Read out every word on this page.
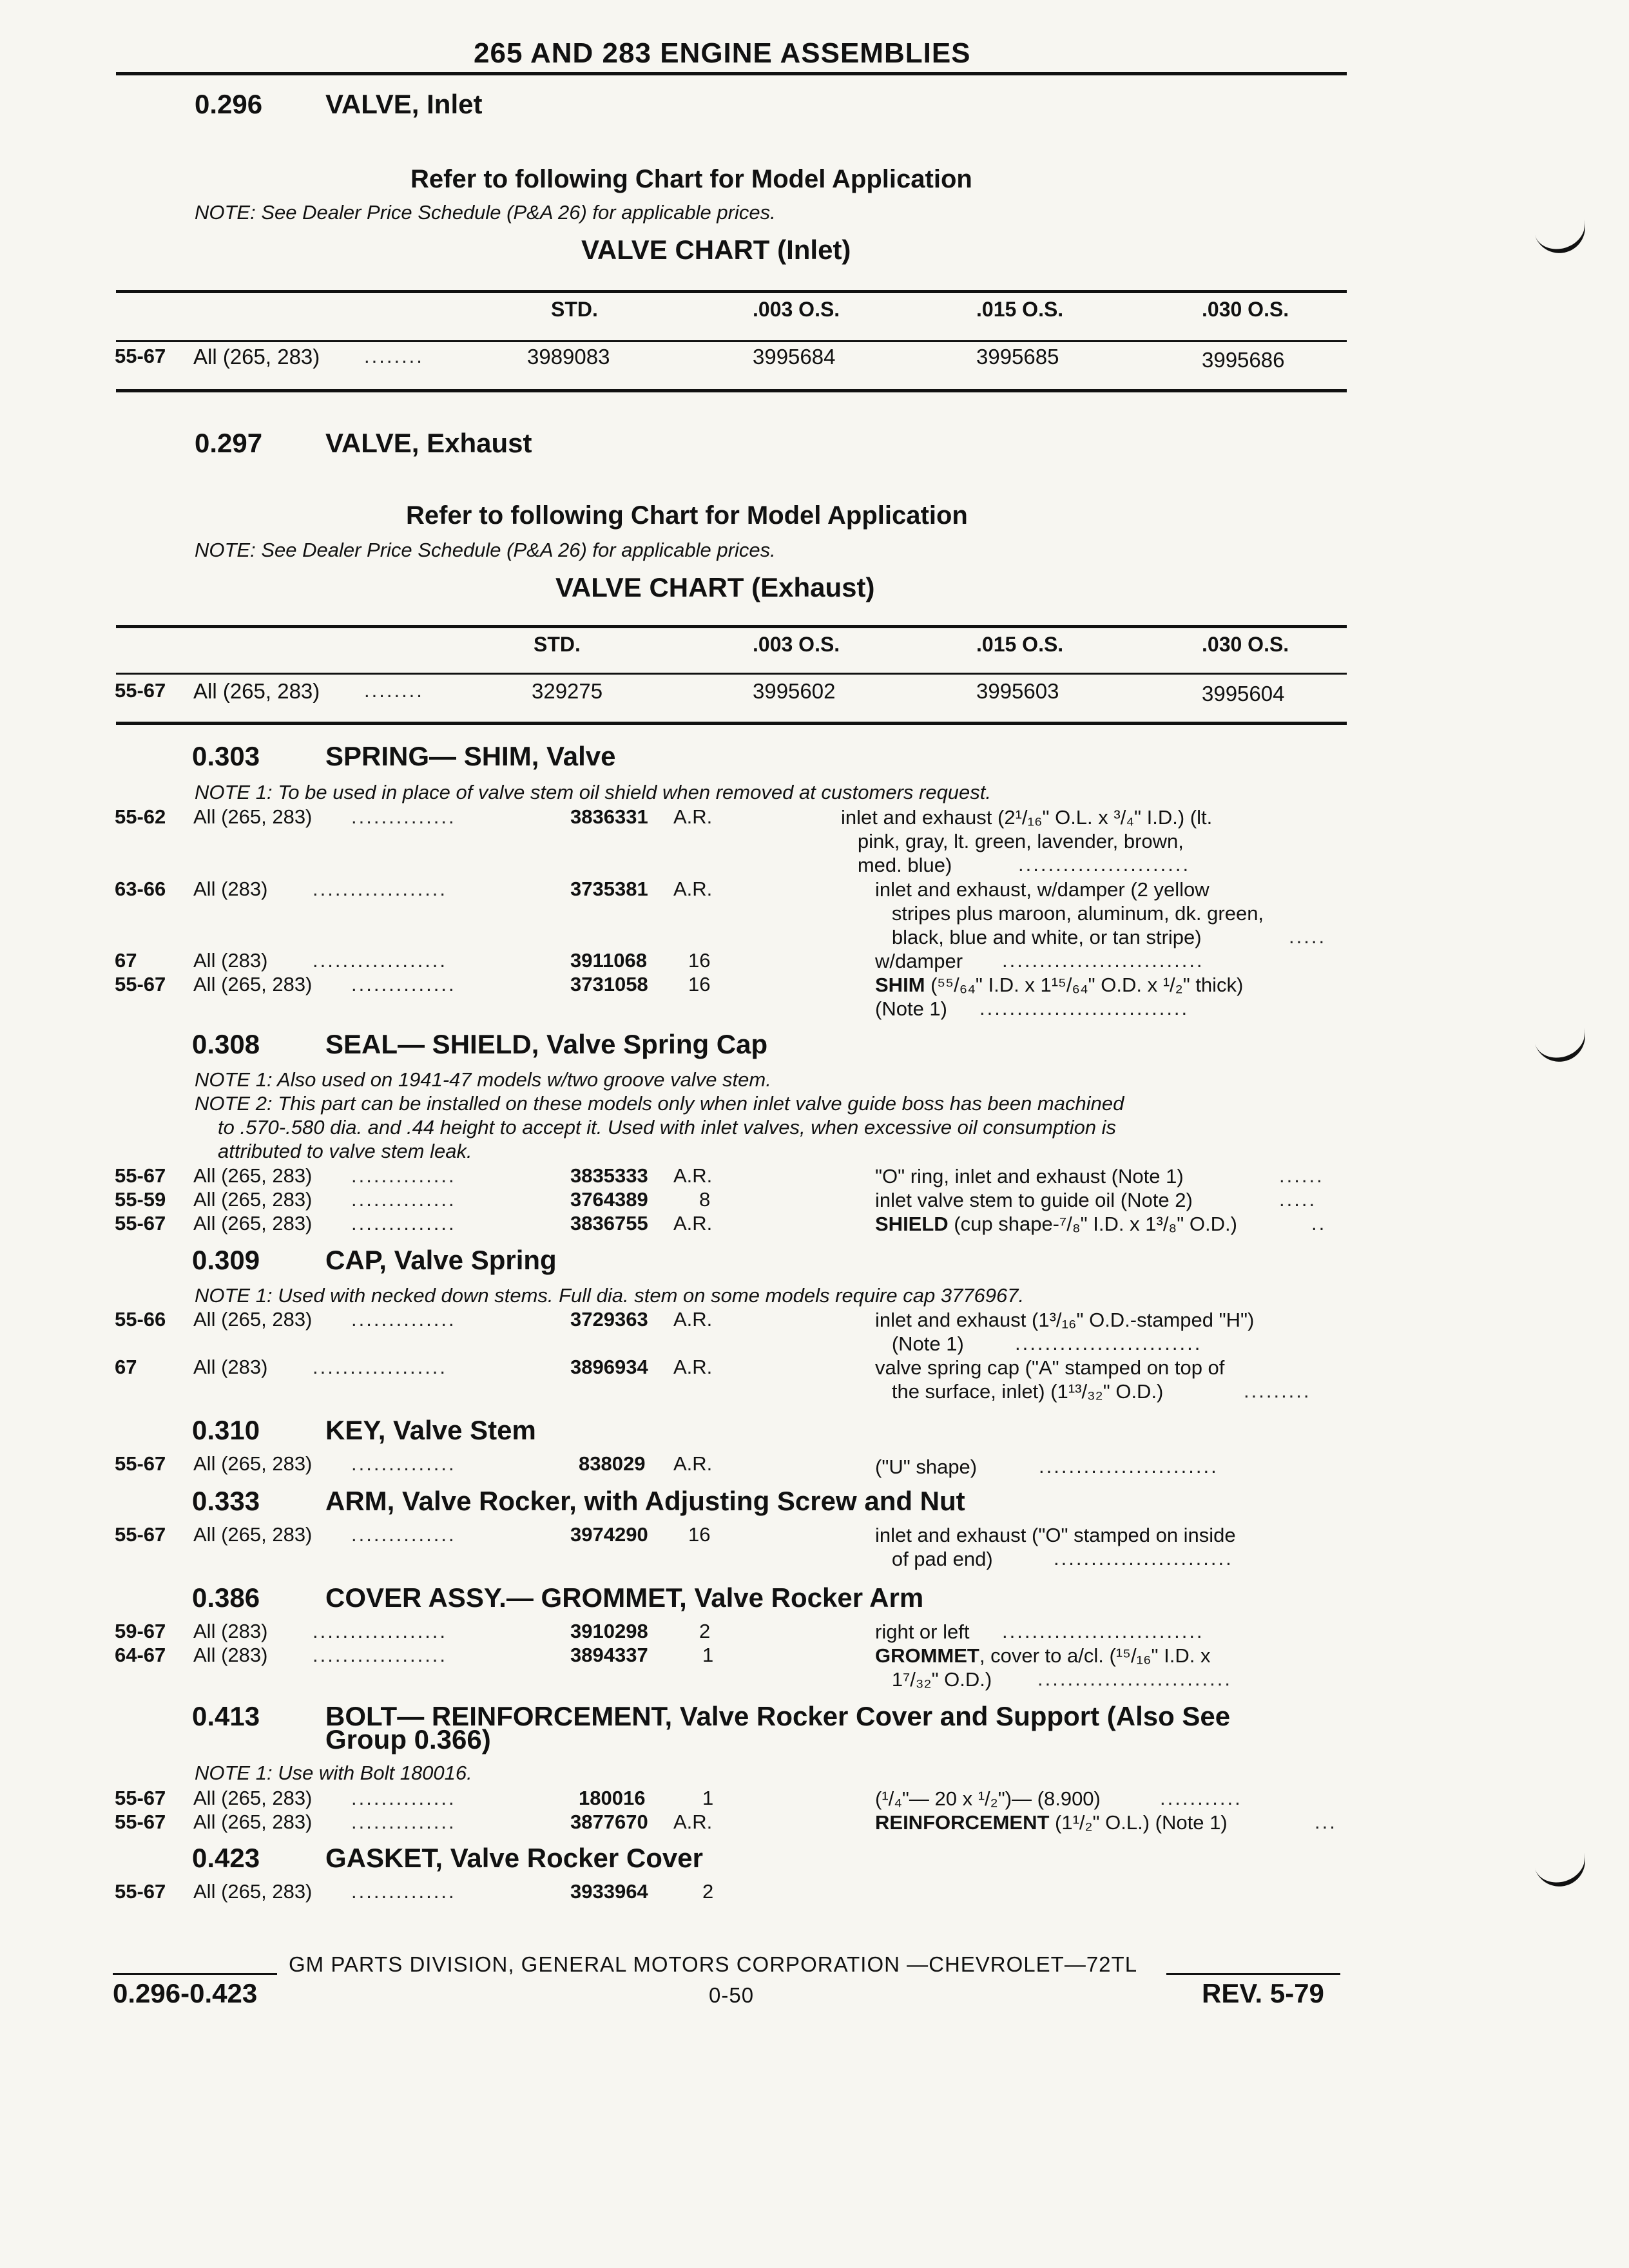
265 AND 283 ENGINE ASSEMBLIES
0.296 VALVE, Inlet
Refer to following Chart for Model Application
NOTE: See Dealer Price Schedule (P&A 26) for applicable prices.
VALVE CHART (Inlet)
STD.	.003 O.S.	.015 O.S.	.030 O.S.
55-67 All (265, 283) ........	3989083	3995684	3995685	3995686
0.297 VALVE, Exhaust
Refer to following Chart for Model Application
NOTE: See Dealer Price Schedule (P&A 26) for applicable prices.
VALVE CHART (Exhaust)
STD.	.003 O.S.	.015 O.S.	.030 O.S.
55-67 All (265, 283) ........	329275	3995602	3995603	3995604
0.303 SPRING— SHIM, Valve
NOTE 1: To be used in place of valve stem oil shield when removed at customers request.
55-62 All (265, 283) ..............	3836331 A.R.	inlet and exhaust (2¹/₁₆" O.L. x ³/₄" I.D.) (lt.
pink, gray, lt. green, lavender, brown,
med. blue)	.......................
63-66 All (283) ..................	3735381 A.R.	inlet and exhaust, w/damper (2 yellow
stripes plus maroon, aluminum, dk. green,
black, blue and white, or tan stripe)	.....
67	All (283) ..................	3911068 16	w/damper ...........................
55-67 All (265, 283) ..............	3731058 16	SHIM (⁵⁵/₆₄" I.D. x 1¹⁵/₆₄" O.D. x ¹/₂" thick)
(Note 1)	............................
0.308 SEAL— SHIELD, Valve Spring Cap
NOTE 1: Also used on 1941-47 models w/two groove valve stem.
NOTE 2: This part can be installed on these models only when inlet valve guide boss has been machined
to .570-.580 dia. and .44 height to accept it. Used with inlet valves, when excessive oil consumption is
attributed to valve stem leak.
55-67 All (265, 283) ..............	3835333 A.R.	"O" ring, inlet and exhaust (Note 1)	......
55-59 All (265, 283) ..............	3764389	8	inlet valve stem to guide oil (Note 2)	.....
55-67 All (265, 283) ..............	3836755 A.R.	SHIELD (cup shape-⁷/₈" I.D. x 1³/₈" O.D.)	..
0.309 CAP, Valve Spring
NOTE 1: Used with necked down stems. Full dia. stem on some models require cap 3776967.
55-66 All (265, 283) ..............	3729363 A.R.	inlet and exhaust (1³/₁₆" O.D.-stamped "H")
(Note 1)	.........................
67	All (283) ..................	3896934 A.R.	valve spring cap ("A" stamped on top of
the surface, inlet) (1¹³/₃₂" O.D.)	.........
0.310 KEY, Valve Stem
55-67 All (265, 283) ..............	838029 A.R.	("U" shape)	........................
0.333 ARM, Valve Rocker, with Adjusting Screw and Nut
55-67 All (265, 283) ..............	3974290 16	inlet and exhaust ("O" stamped on inside
of pad end)	........................
0.386 COVER ASSY.— GROMMET, Valve Rocker Arm
59-67 All (283) ..................	3910298	2	right or left ...........................
64-67 All (283) ..................	3894337	1	GROMMET, cover to a/cl. (¹⁵/₁₆" I.D. x
1⁷/₃₂" O.D.)	..........................
0.413 BOLT— REINFORCEMENT, Valve Rocker Cover and Support (Also See
Group 0.366)
NOTE 1: Use with Bolt 180016.
55-67 All (265, 283) ..............	180016	1	(¹/₄"— 20 x ¹/₂")— (8.900)	...........
55-67 All (265, 283) ..............	3877670 A.R.	REINFORCEMENT (1¹/₂" O.L.) (Note 1)	...
0.423 GASKET, Valve Rocker Cover
55-67 All (265, 283) ..............	3933964	2
GM PARTS DIVISION, GENERAL MOTORS CORPORATION —CHEVROLET—72TL
0.296-0.423	0-50	REV. 5-79
